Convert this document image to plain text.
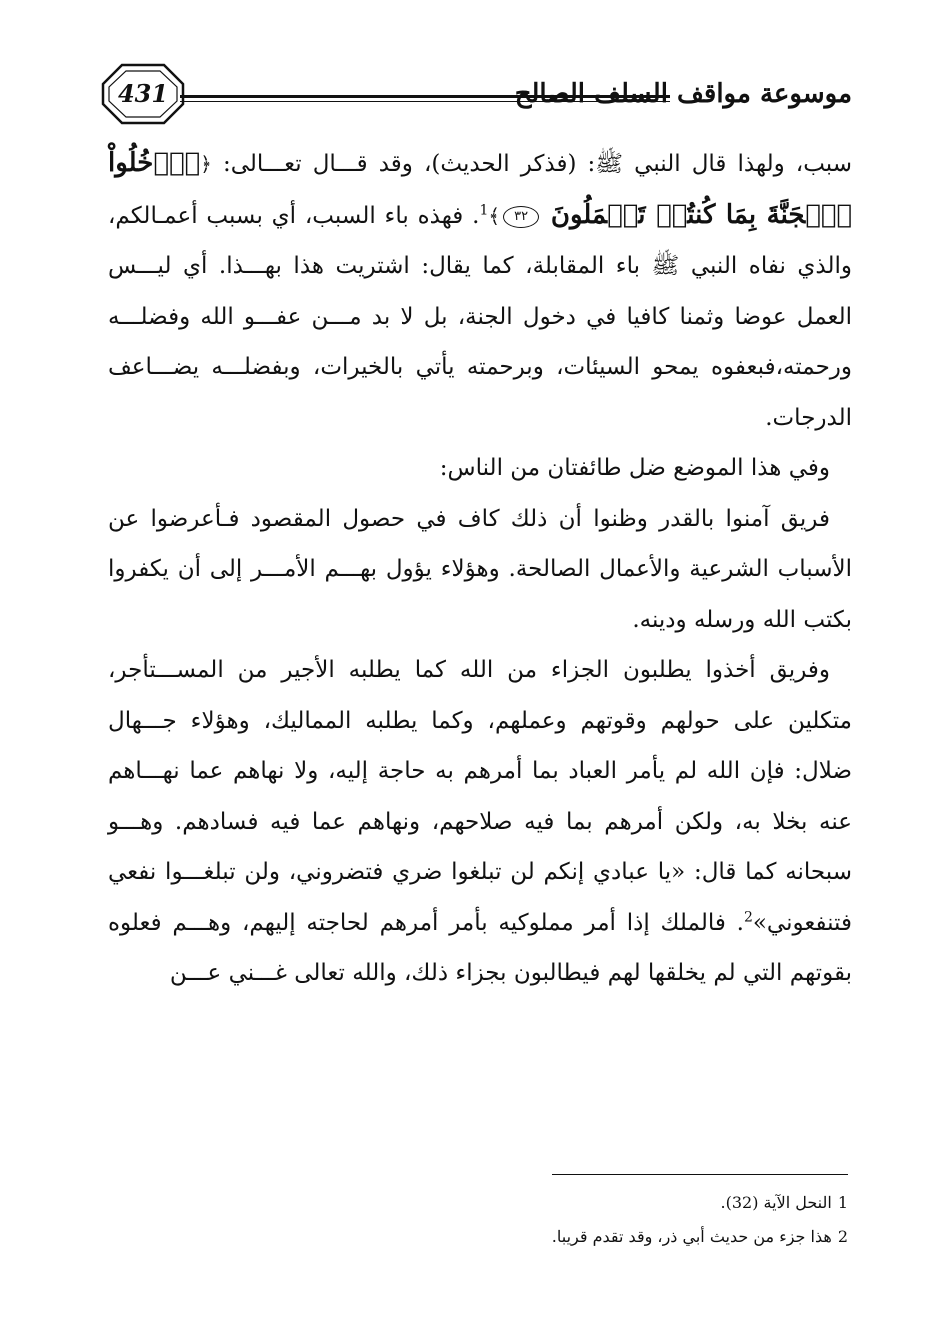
431	موسوعة مواقف السلف الصالح

سبب، ولهذا قال النبي ﷺ: (فذكر الحديث)، وقد قـــال تعـــالى: ﴿ٱدۡخُلُواْ ٱلۡجَنَّةَ بِمَا كُنتُمۡ تَعۡمَلُونَ ٣٢﴾$^1$. فهذه باء السبب، أي بسبب أعمـالكم، والذي نفاه النبي ﷺ باء المقابلة، كما يقال: اشتريت هذا بهـــذا. أي ليـــس العمل عوضا وثمنا كافيا في دخول الجنة، بل لا بد مـــن عفـــو الله وفضلـــه ورحمته،فبعفوه يمحو السيئات، وبرحمته يأتي بالخيرات، وبفضلـــه يضـــاعف الدرجات.

وفي هذا الموضع ضل طائفتان من الناس:

فريق آمنوا بالقدر وظنوا أن ذلك كاف في حصول المقصود فـأعرضوا عن الأسباب الشرعية والأعمال الصالحة. وهؤلاء يؤول بهـــم الأمـــر إلى أن يكفروا بكتب الله ورسله ودينه.

وفريق أخذوا يطلبون الجزاء من الله كما يطلبه الأجير من المســـتأجر، متكلين على حولهم وقوتهم وعملهم، وكما يطلبه المماليك، وهؤلاء جـــهال ضلال: فإن الله لم يأمر العباد بما أمرهم به حاجة إليه، ولا نهاهم عما نهـــاهم عنه بخلا به، ولكن أمرهم بما فيه صلاحهم، ونهاهم عما فيه فسادهم. وهـــو سبحانه كما قال: «يا عبادي إنكم لن تبلغوا ضري فتضروني، ولن تبلغـــوا نفعي فتنفعوني»$^2$. فالملك إذا أمر مملوكيه بأمر أمرهم لحاجته إليهم، وهـــم فعلوه بقوتهم التي لم يخلقها لهم فيطالبون بجزاء ذلك، والله تعالى غـــني عـــن

1النحل الآية (32).

2هذا جزء من حديث أبي ذر، وقد تقدم قريبا.
